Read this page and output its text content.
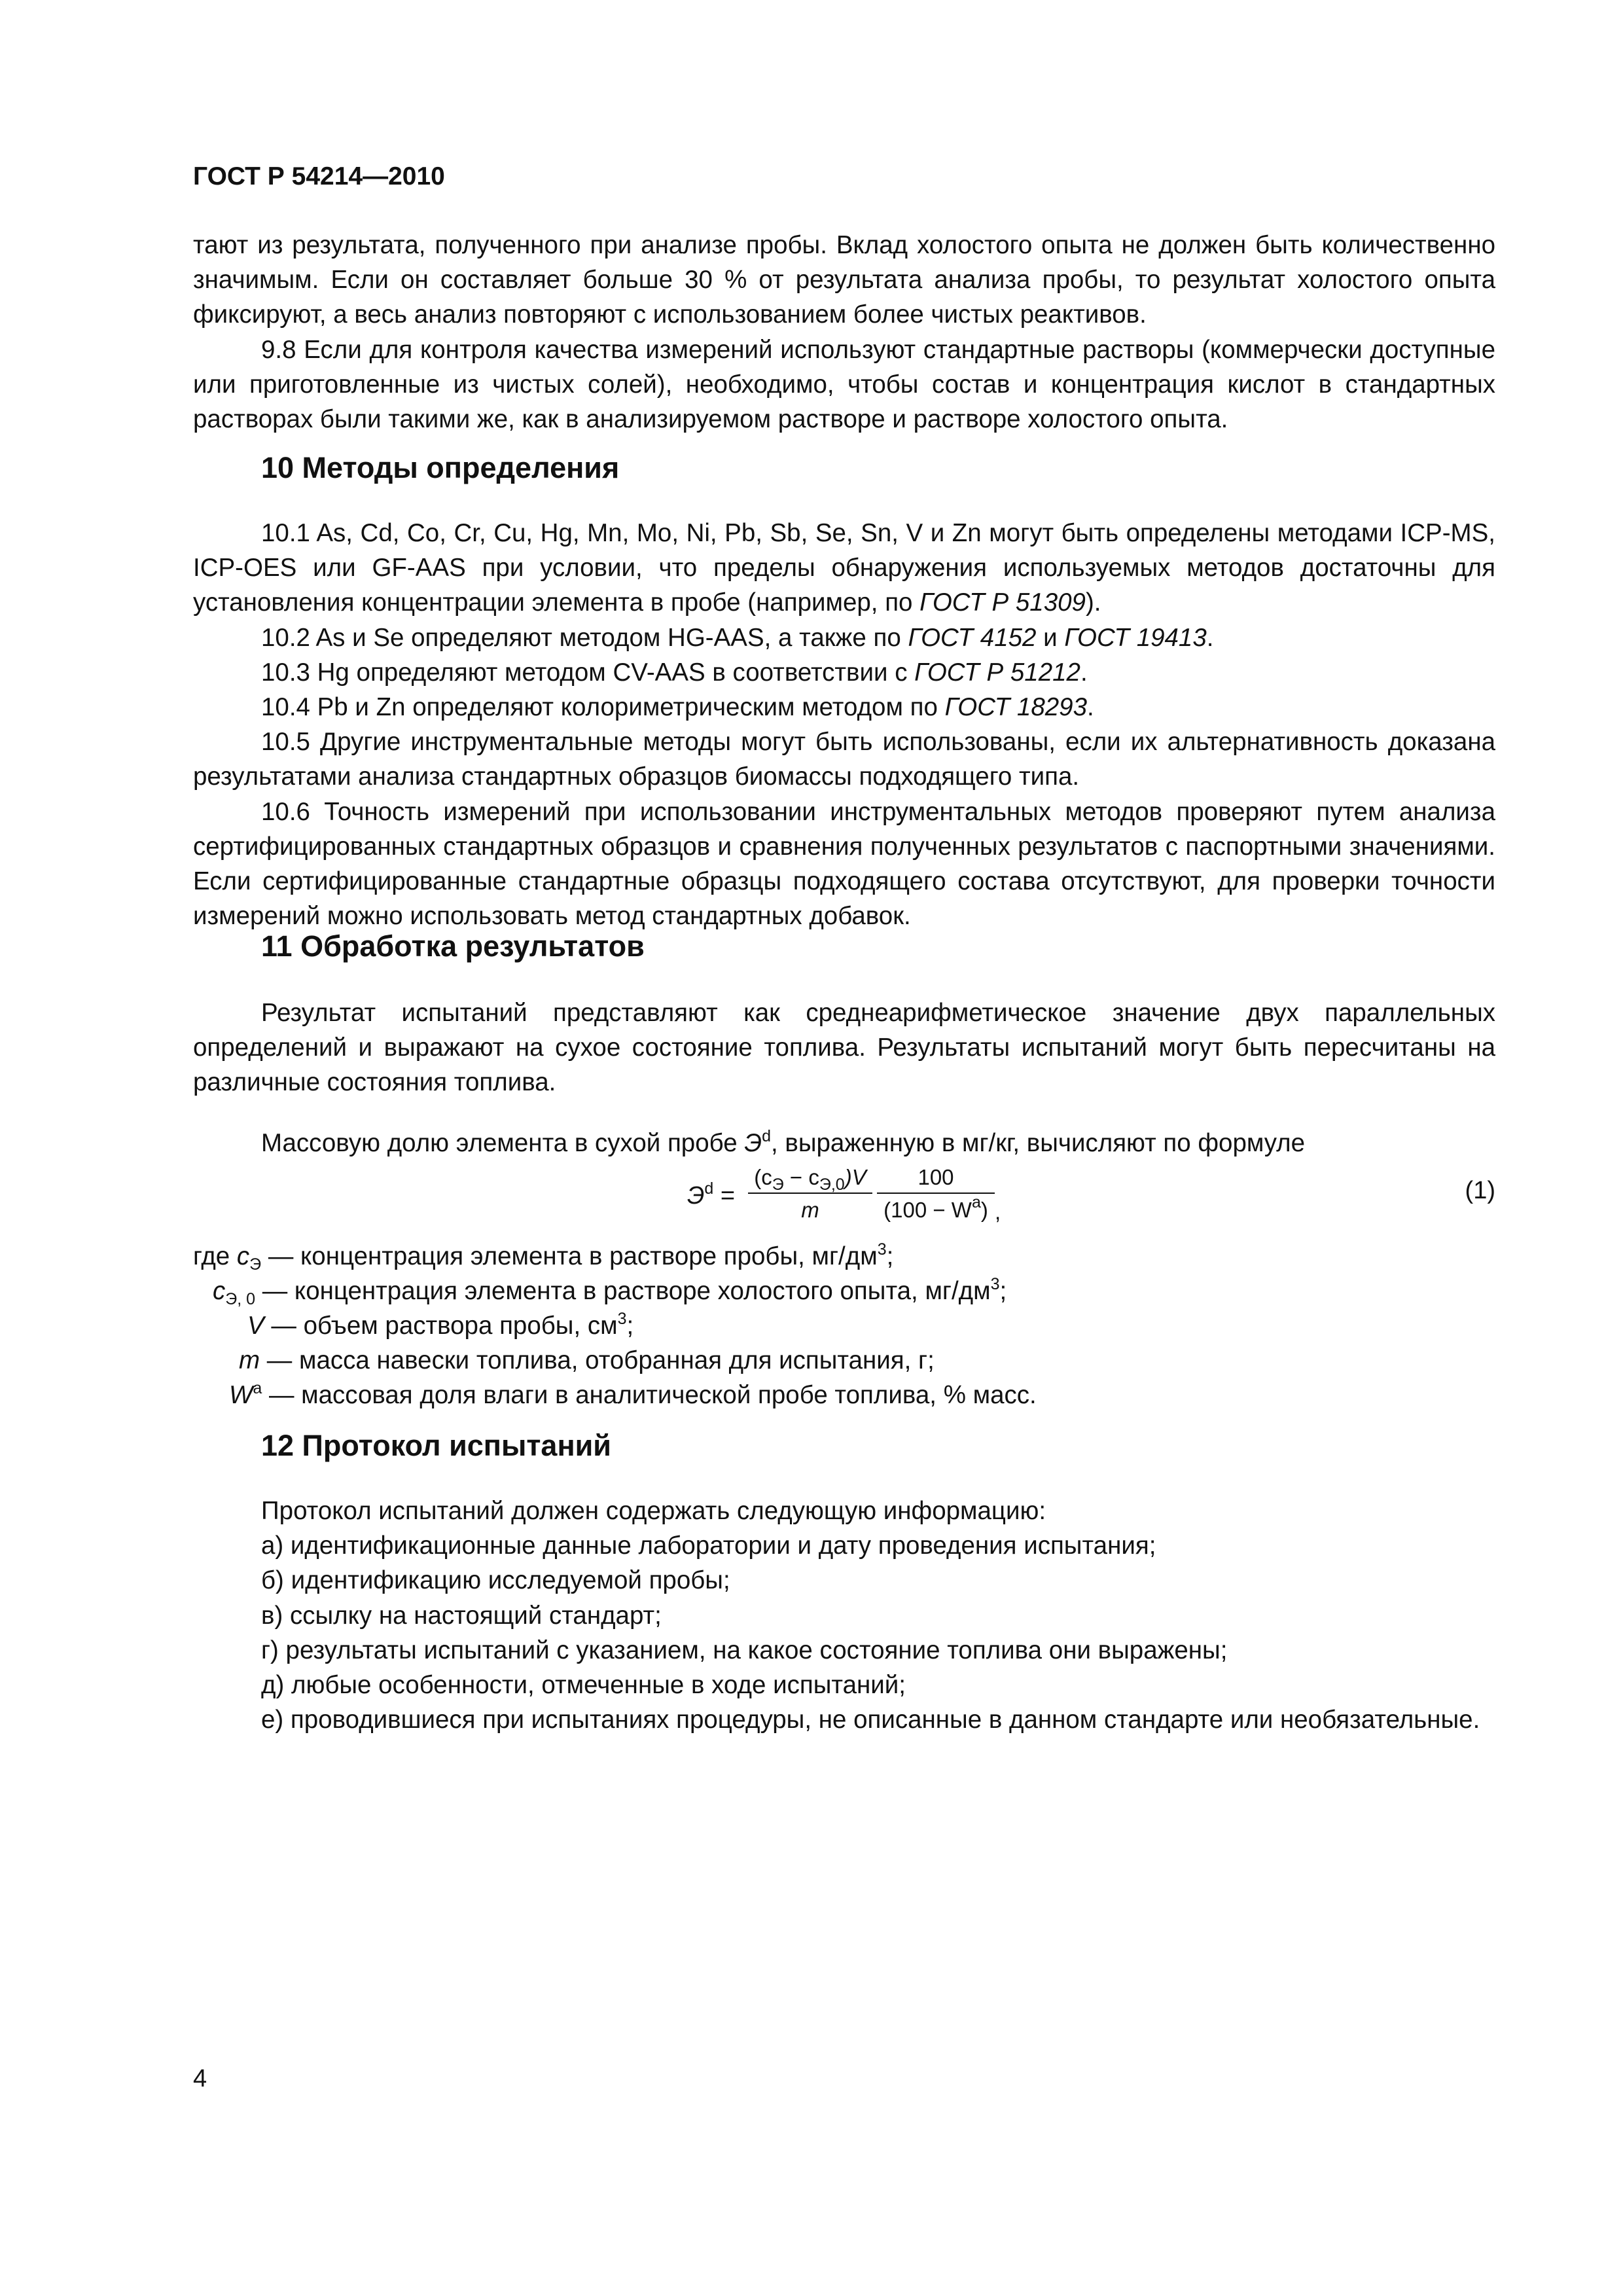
ГОСТ Р 54214—2010

тают из результата, полученного при анализе пробы. Вклад холостого опыта не должен быть количественно значимым. Если он составляет больше 30 % от результата анализа пробы, то результат холостого опыта фиксируют, а весь анализ повторяют с использованием более чистых реактивов.

9.8 Если для контроля качества измерений используют стандартные растворы (коммерчески доступные или приготовленные из чистых солей), необходимо, чтобы состав и концентрация кислот в стандартных растворах были такими же, как в анализируемом растворе и растворе холостого опыта.

10 Методы определения

10.1 As, Cd, Co, Cr, Cu, Hg, Mn, Mo, Ni, Pb, Sb, Se, Sn, V и Zn могут быть определены методами ICP-MS, ICP-OES или GF-AAS при условии, что пределы обнаружения используемых методов достаточны для установления концентрации элемента в пробе (например, по ГОСТ Р 51309).

10.2 As и Se определяют методом HG-AAS, а также по ГОСТ 4152 и ГОСТ 19413.

10.3 Hg определяют методом CV-AAS в соответствии с ГОСТ Р 51212.

10.4 Pb и Zn определяют колориметрическим методом по ГОСТ 18293.

10.5 Другие инструментальные методы могут быть использованы, если их альтернативность доказана результатами анализа стандартных образцов биомассы подходящего типа.

10.6 Точность измерений при использовании инструментальных методов проверяют путем анализа сертифицированных стандартных образцов и сравнения полученных результатов с паспортными значениями. Если сертифицированные стандартные образцы подходящего состава отсутствуют, для проверки точности измерений можно использовать метод стандартных добавок.

11 Обработка результатов

Результат испытаний представляют как среднеарифметическое значение двух параллельных определений и выражают на сухое состояние топлива. Результаты испытаний могут быть пересчитаны на различные состояния топлива.

Массовую долю элемента в сухой пробе $Э^d$, выраженную в мг/кг, вычисляют по формуле

$Э^d$ =
$(c_Э - c_{Э,0})V$
m
100
$(100 - W^a)$ ,
(1)
где $c_Э$ — концентрация элемента в растворе пробы, $мг/дм^3$;
$c_{Э, 0}$ — концентрация элемента в растворе холостого опыта, $мг/дм^3$;
V — объем раствора пробы, $см^3$;
m — масса навески топлива, отобранная для испытания, г;
$W^a$ — массовая доля влаги в аналитической пробе топлива, % масс.
12 Протокол испытаний

Протокол испытаний должен содержать следующую информацию:

а) идентификационные данные лаборатории и дату проведения испытания;

б) идентификацию исследуемой пробы;

в) ссылку на настоящий стандарт;

г) результаты испытаний с указанием, на какое состояние топлива они выражены;

д) любые особенности, отмеченные в ходе испытаний;

е) проводившиеся при испытаниях процедуры, не описанные в данном стандарте или необязательные.

4
